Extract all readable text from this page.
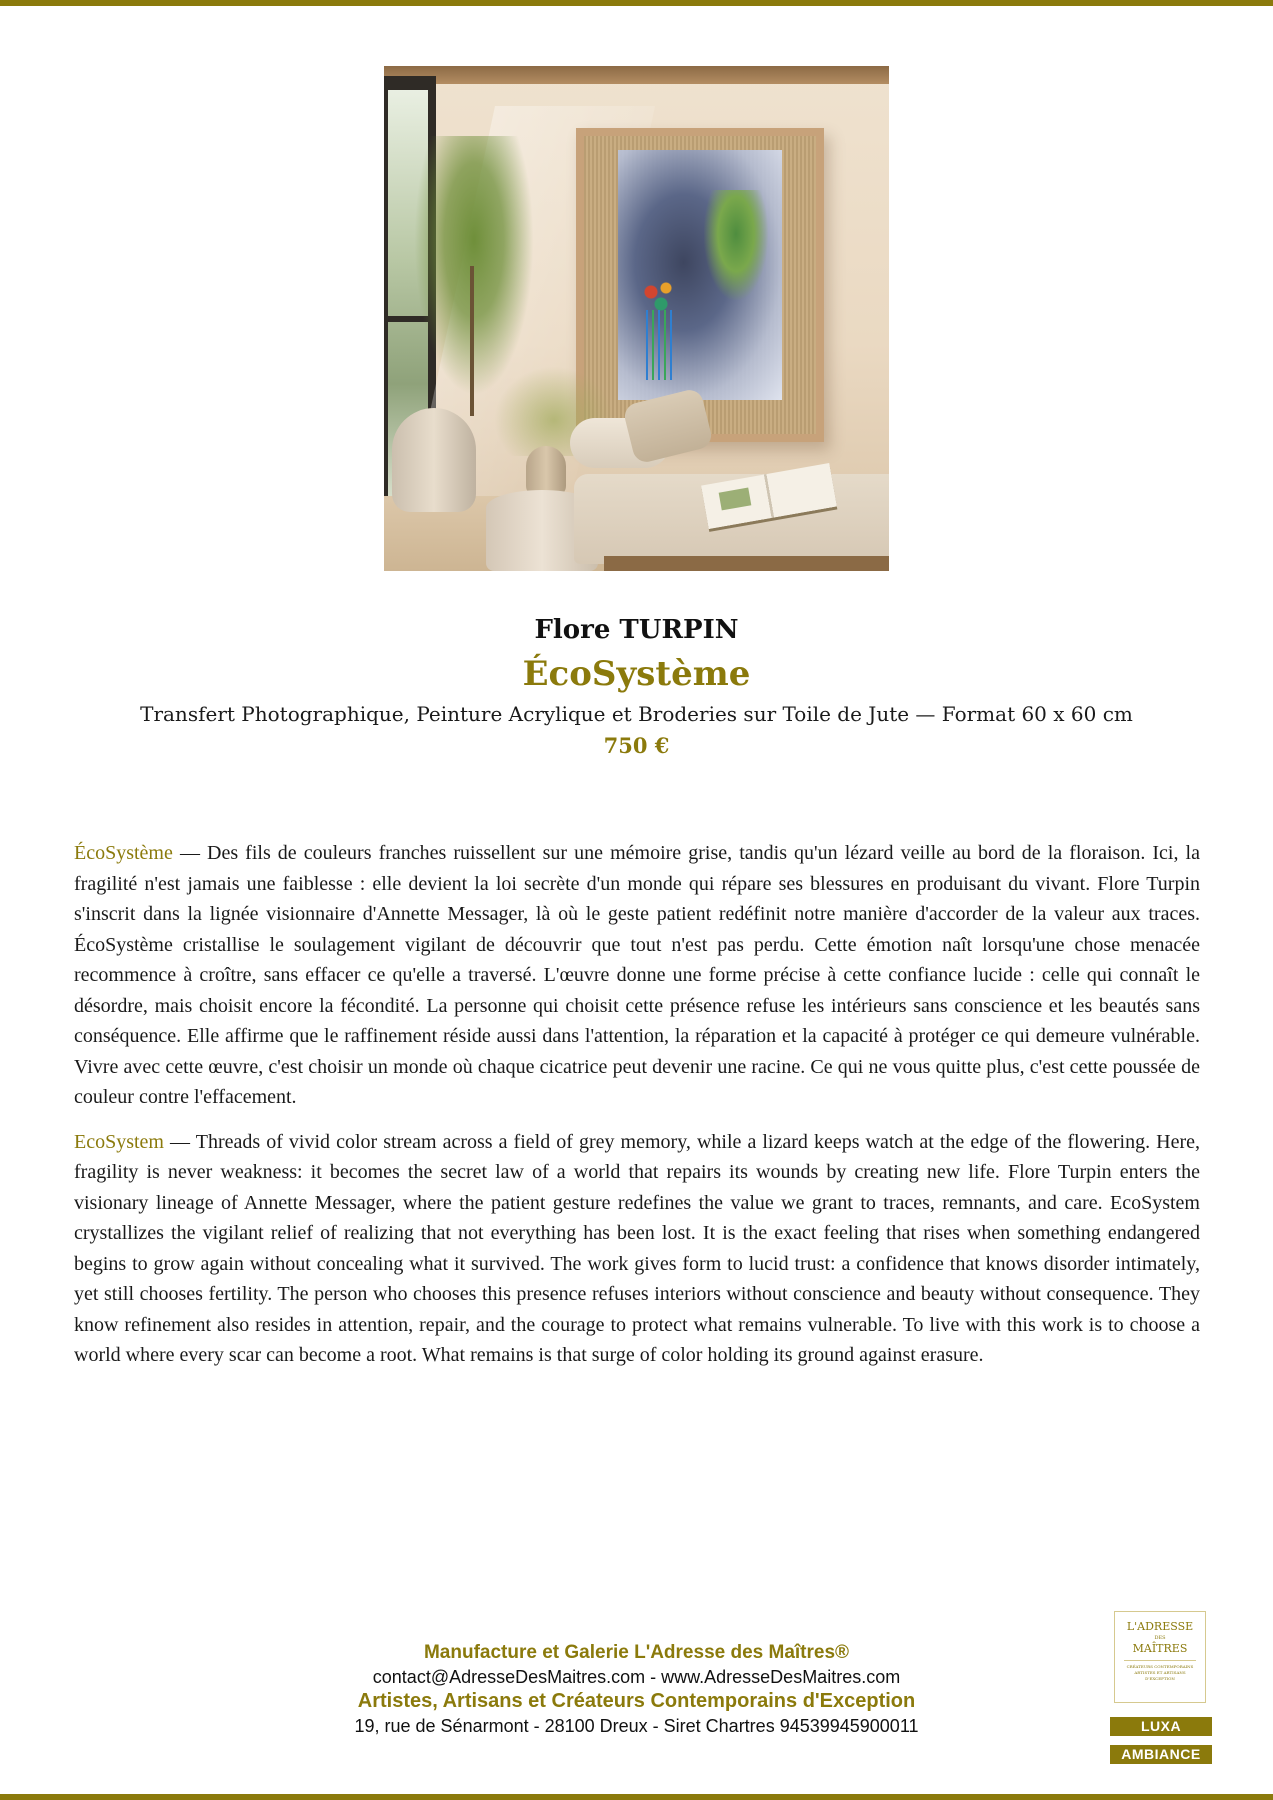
Flore TURPIN
ÉcoSystème
Transfert Photographique, Peinture Acrylique et Broderies sur Toile de Jute — Format 60 x 60 cm
750 €

ÉcoSystème — Des fils de couleurs franches ruissellent sur une mémoire grise, tandis qu'un lézard veille au bord de la floraison. Ici, la fragilité n'est jamais une faiblesse : elle devient la loi secrète d'un monde qui répare ses blessures en produisant du vivant. Flore Turpin s'inscrit dans la lignée visionnaire d'Annette Messager, là où le geste patient redéfinit notre manière d'accorder de la valeur aux traces. ÉcoSystème cristallise le soulagement vigilant de découvrir que tout n'est pas perdu. Cette émotion naît lorsqu'une chose menacée recommence à croître, sans effacer ce qu'elle a traversé. L'œuvre donne une forme précise à cette confiance lucide : celle qui connaît le désordre, mais choisit encore la fécondité. La personne qui choisit cette présence refuse les intérieurs sans conscience et les beautés sans conséquence. Elle affirme que le raffinement réside aussi dans l'attention, la réparation et la capacité à protéger ce qui demeure vulnérable. Vivre avec cette œuvre, c'est choisir un monde où chaque cicatrice peut devenir une racine. Ce qui ne vous quitte plus, c'est cette poussée de couleur contre l'effacement.

EcoSystem — Threads of vivid color stream across a field of grey memory, while a lizard keeps watch at the edge of the flowering. Here, fragility is never weakness: it becomes the secret law of a world that repairs its wounds by creating new life. Flore Turpin enters the visionary lineage of Annette Messager, where the patient gesture redefines the value we grant to traces, remnants, and care. EcoSystem crystallizes the vigilant relief of realizing that not everything has been lost. It is the exact feeling that rises when something endangered begins to grow again without concealing what it survived. The work gives form to lucid trust: a confidence that knows disorder intimately, yet still chooses fertility. The person who chooses this presence refuses interiors without conscience and beauty without consequence. They know refinement also resides in attention, repair, and the courage to protect what remains vulnerable. To live with this work is to choose a world where every scar can become a root. What remains is that surge of color holding its ground against erasure.

Manufacture et Galerie L'Adresse des Maîtres®
contact@AdresseDesMaitres.com - www.AdresseDesMaitres.com
Artistes, Artisans et Créateurs Contemporains d'Exception
19, rue de Sénarmont - 28100 Dreux - Siret Chartres 94539945900011
L'ADRESSE
DES
MAÎTRES
CRÉATEURS CONTEMPORAINS ARTISTES ET ARTISANS D'EXCEPTION
LUXA
AMBIANCE
